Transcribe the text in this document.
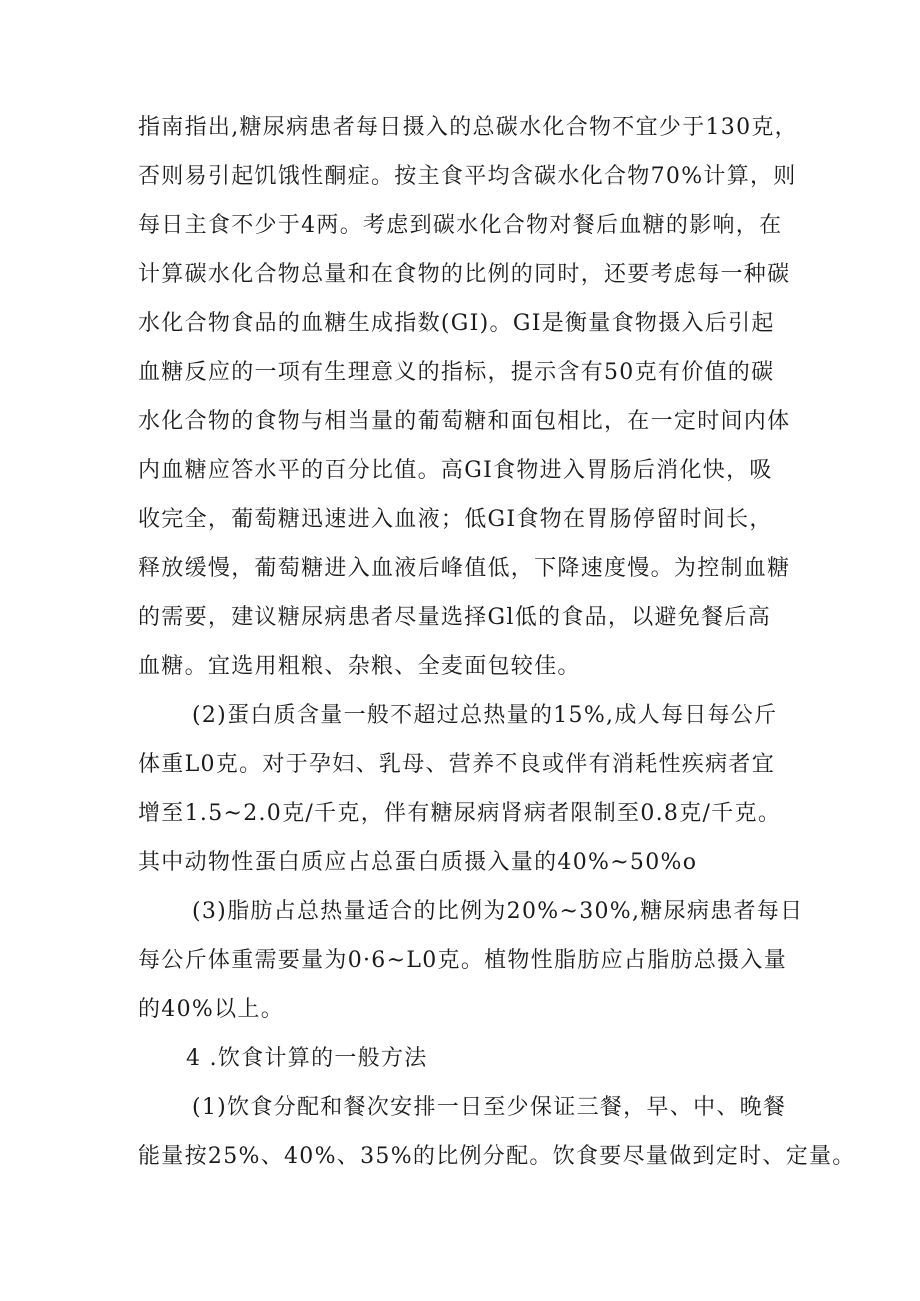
指南指出,糖尿病患者每日摄入的总碳水化合物不宜少于130克，
否则易引起饥饿性酮症。按主食平均含碳水化合物70%计算，则
每日主食不少于4两。考虑到碳水化合物对餐后血糖的影响，在
计算碳水化合物总量和在食物的比例的同时，还要考虑每一种碳
水化合物食品的血糖生成指数(GI)。GI是衡量食物摄入后引起
血糖反应的一项有生理意义的指标，提示含有50克有价值的碳
水化合物的食物与相当量的葡萄糖和面包相比，在一定时间内体
内血糖应答水平的百分比值。高GI食物进入胃肠后消化快，吸
收完全，葡萄糖迅速进入血液；低GI食物在胃肠停留时间长，
释放缓慢，葡萄糖进入血液后峰值低，下降速度慢。为控制血糖
的需要，建议糖尿病患者尽量选择Gl低的食品，以避免餐后高
血糖。宜选用粗粮、杂粮、全麦面包较佳。
(2)蛋白质含量一般不超过总热量的15%,成人每日每公斤
体重L0克。对于孕妇、乳母、营养不良或伴有消耗性疾病者宜
增至1.5~2.0克/千克，伴有糖尿病肾病者限制至0.8克/千克。
其中动物性蛋白质应占总蛋白质摄入量的40%~50%o
(3)脂肪占总热量适合的比例为20%~30%,糖尿病患者每日
每公斤体重需要量为0·6~L0克。植物性脂肪应占脂肪总摄入量
的40%以上。
4 .饮食计算的一般方法
(1)饮食分配和餐次安排一日至少保证三餐，早、中、晚餐
能量按25%、40%、35%的比例分配。饮食要尽量做到定时、定量。
